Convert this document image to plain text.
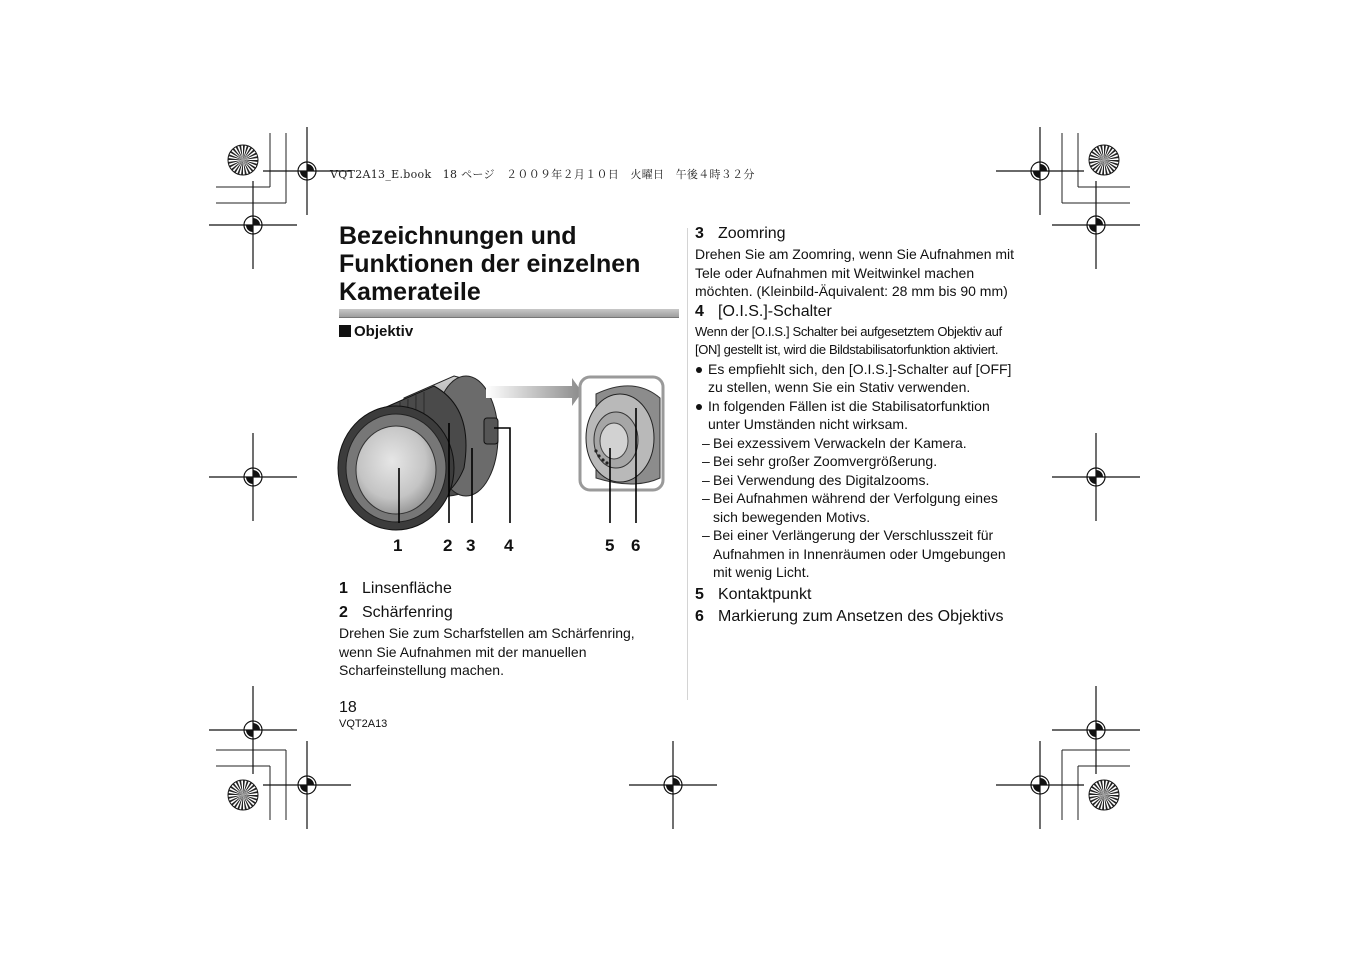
VQT2A13_E.book　18 ページ　２００９年２月１０日　火曜日　午後４時３２分
Bezeichnungen und
Funktionen der einzelnen
Kamerateile
Objektiv
1 2 3 4	5 6
1 Linsenfläche
2 Schärfenring
Drehen Sie zum Scharfstellen am Schärfenring,
wenn Sie Aufnahmen mit der manuellen
Scharfeinstellung machen.
3 Zoomring
Drehen Sie am Zoomring, wenn Sie Aufnahmen mit
Tele oder Aufnahmen mit Weitwinkel machen
möchten. (Kleinbild-Äquivalent: 28 mm bis 90 mm)
4 [O.I.S.]-Schalter
Wenn der [O.I.S.] Schalter bei aufgesetztem Objektiv auf
[ON] gestellt ist, wird die Bildstabilisatorfunktion aktiviert.
Es empfiehlt sich, den [O.I.S.]-Schalter auf [OFF]
zu stellen, wenn Sie ein Stativ verwenden.
In folgenden Fällen ist die Stabilisatorfunktion
unter Umständen nicht wirksam.
– Bei exzessivem Verwackeln der Kamera.
– Bei sehr großer Zoomvergrößerung.
– Bei Verwendung des Digitalzooms.
– Bei Aufnahmen während der Verfolgung eines
sich bewegenden Motivs.
– Bei einer Verlängerung der Verschlusszeit für
Aufnahmen in Innenräumen oder Umgebungen
mit wenig Licht.
5 Kontaktpunkt
6 Markierung zum Ansetzen des Objektivs
18
VQT2A13
